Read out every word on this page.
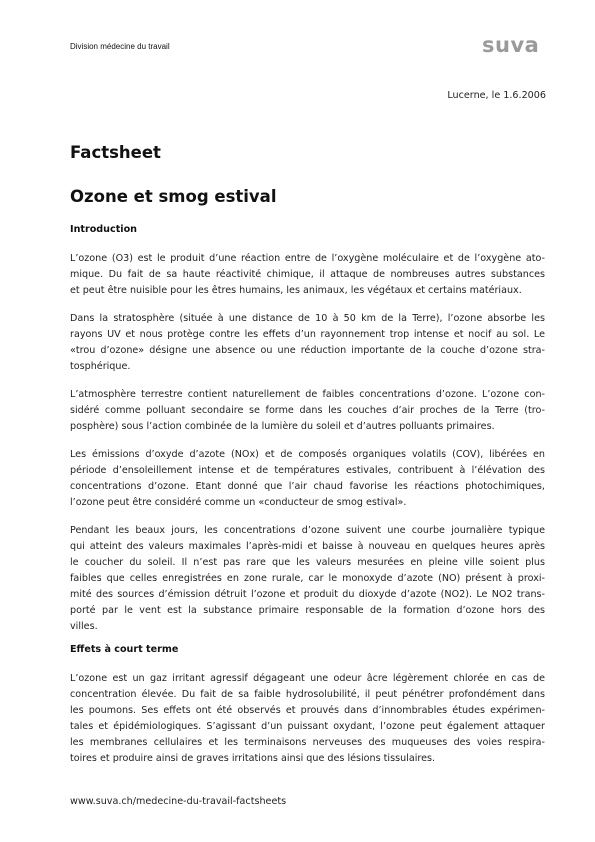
Division médecine du travail	suva
Lucerne, le 1.6.2006
Factsheet
Ozone et smog estival
Introduction
L’ozone (O3) est le produit d’une réaction entre de l’oxygène moléculaire et de l’oxygène ato-
mique. Du fait de sa haute réactivité chimique, il attaque de nombreuses autres substances
et peut être nuisible pour les êtres humains, les animaux, les végétaux et certains matériaux.
Dans la stratosphère (située à une distance de 10 à 50 km de la Terre), l’ozone absorbe les
rayons UV et nous protège contre les effets d’un rayonnement trop intense et nocif au sol. Le
«trou d’ozone» désigne une absence ou une réduction importante de la couche d’ozone stra-
tosphérique.
L’atmosphère terrestre contient naturellement de faibles concentrations d’ozone. L’ozone con-
sidéré comme polluant secondaire se forme dans les couches d’air proches de la Terre (tro-
posphère) sous l’action combinée de la lumière du soleil et d’autres polluants primaires.
Les émissions d’oxyde d’azote (NOx) et de composés organiques volatils (COV), libérées en
période d’ensoleillement intense et de températures estivales, contribuent à l’élévation des
concentrations d’ozone. Etant donné que l’air chaud favorise les réactions photochimiques,
l’ozone peut être considéré comme un «conducteur de smog estival».
Pendant les beaux jours, les concentrations d’ozone suivent une courbe journalière typique
qui atteint des valeurs maximales l’après-midi et baisse à nouveau en quelques heures après
le coucher du soleil. Il n’est pas rare que les valeurs mesurées en pleine ville soient plus
faibles que celles enregistrées en zone rurale, car le monoxyde d’azote (NO) présent à proxi-
mité des sources d’émission détruit l’ozone et produit du dioxyde d’azote (NO2). Le NO2 trans-
porté par le vent est la substance primaire responsable de la formation d’ozone hors des
villes.
Effets à court terme
L’ozone est un gaz irritant agressif dégageant une odeur âcre légèrement chlorée en cas de
concentration élevée. Du fait de sa faible hydrosolubilité, il peut pénétrer profondément dans
les poumons. Ses effets ont été observés et prouvés dans d’innombrables études expérimen-
tales et épidémiologiques. S’agissant d’un puissant oxydant, l’ozone peut également attaquer
les membranes cellulaires et les terminaisons nerveuses des muqueuses des voies respira-
toires et produire ainsi de graves irritations ainsi que des lésions tissulaires.
www.suva.ch/medecine-du-travail-factsheets
